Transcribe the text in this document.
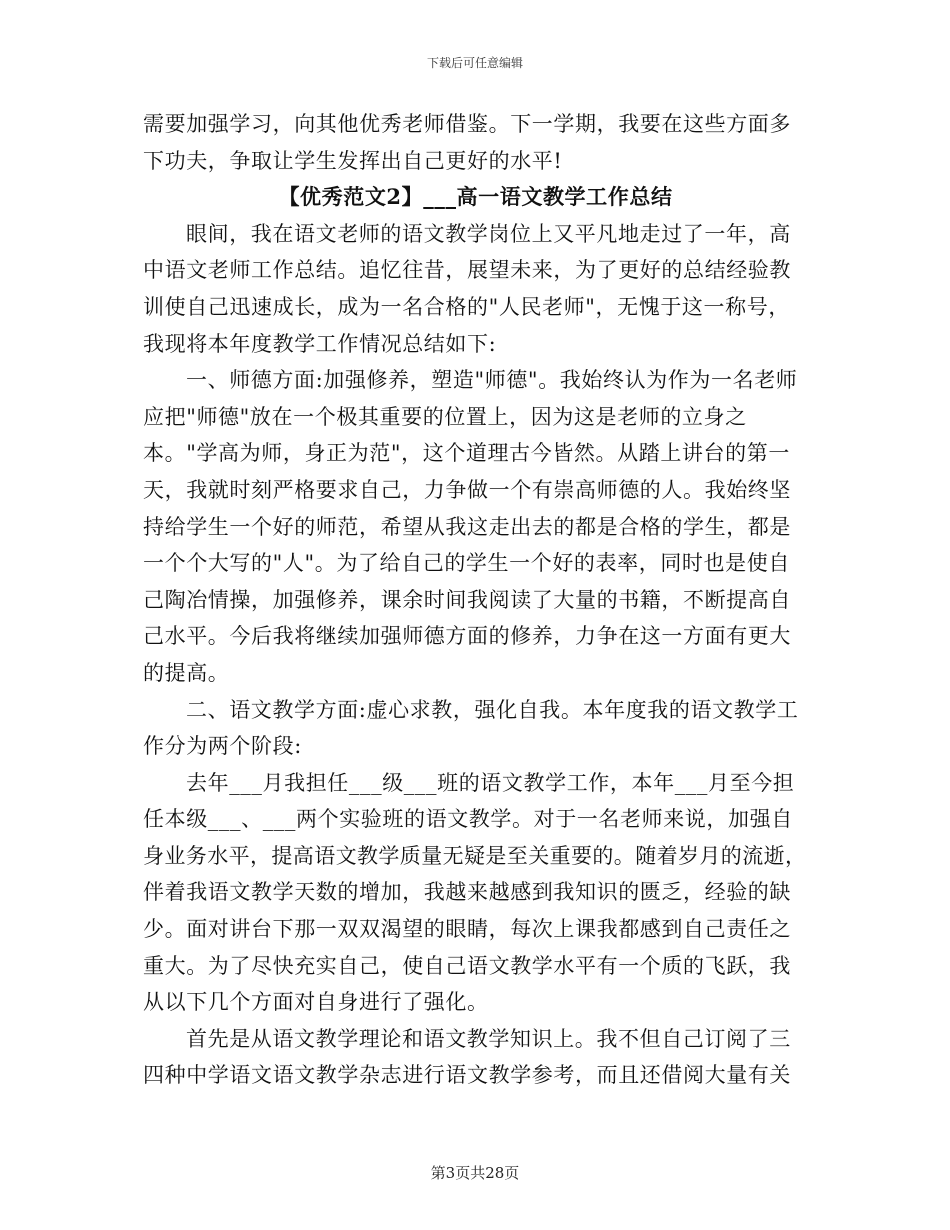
下载后可任意编辑
需要加强学习，向其他优秀老师借鉴。下一学期，我要在这些方面多
下功夫，争取让学生发挥出自己更好的水平!
【优秀范文2】___高一语文教学工作总结
眼间，我在语文老师的语文教学岗位上又平凡地走过了一年，高
中语文老师工作总结。追忆往昔，展望未来，为了更好的总结经验教
训使自己迅速成长，成为一名合格的"人民老师"，无愧于这一称号，
我现将本年度教学工作情况总结如下:
一、师德方面:加强修养，塑造"师德"。我始终认为作为一名老师
应把"师德"放在一个极其重要的位置上，因为这是老师的立身之
本。"学高为师，身正为范"，这个道理古今皆然。从踏上讲台的第一
天，我就时刻严格要求自己，力争做一个有崇高师德的人。我始终坚
持给学生一个好的师范，希望从我这走出去的都是合格的学生，都是
一个个大写的"人"。为了给自己的学生一个好的表率，同时也是使自
己陶冶情操，加强修养，课余时间我阅读了大量的书籍，不断提高自
己水平。今后我将继续加强师德方面的修养，力争在这一方面有更大
的提高。
二、语文教学方面:虚心求教，强化自我。本年度我的语文教学工
作分为两个阶段:
去年___月我担任___级___班的语文教学工作，本年___月至今担
任本级___、___两个实验班的语文教学。对于一名老师来说，加强自
身业务水平，提高语文教学质量无疑是至关重要的。随着岁月的流逝，
伴着我语文教学天数的增加，我越来越感到我知识的匮乏，经验的缺
少。面对讲台下那一双双渴望的眼睛，每次上课我都感到自己责任之
重大。为了尽快充实自己，使自己语文教学水平有一个质的飞跃，我
从以下几个方面对自身进行了强化。
首先是从语文教学理论和语文教学知识上。我不但自己订阅了三
四种中学语文语文教学杂志进行语文教学参考，而且还借阅大量有关
第3页共28页
